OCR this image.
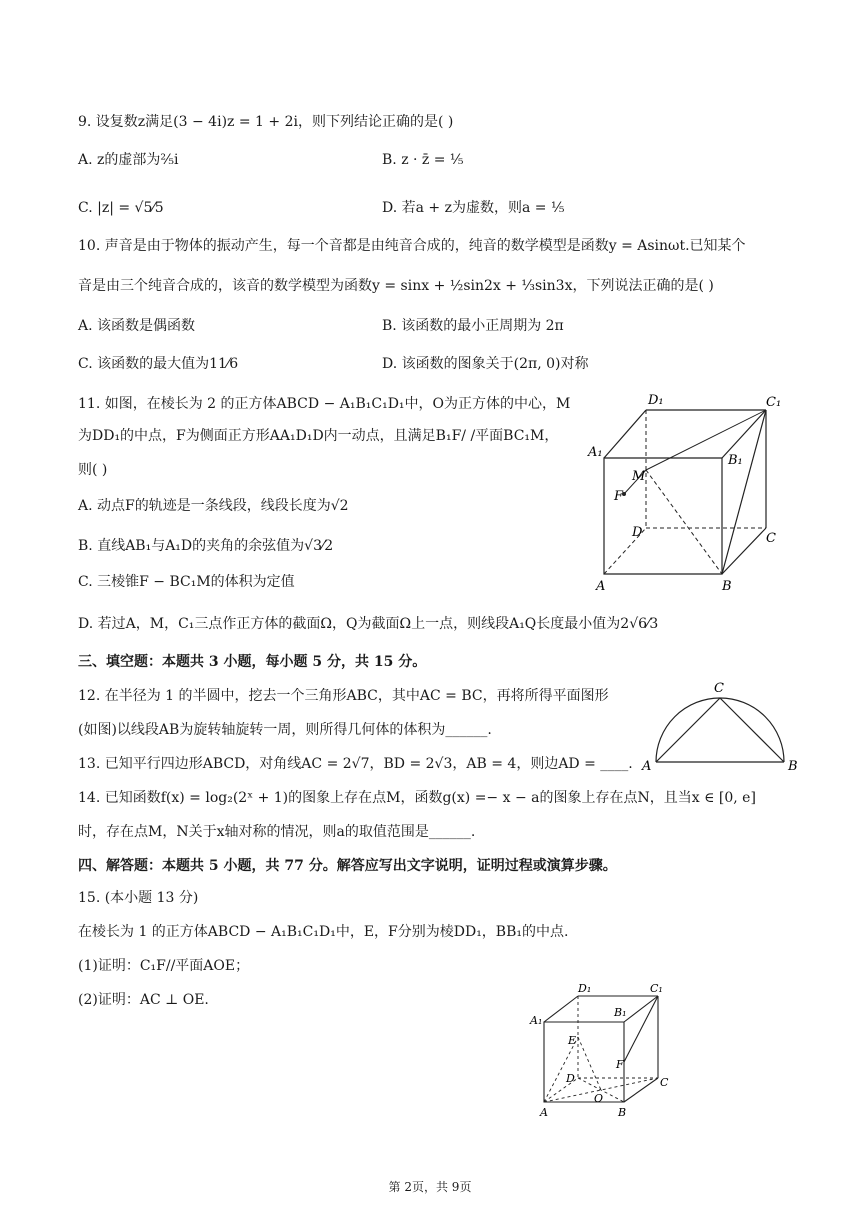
9. 设复数z满足(3 − 4i)z = 1 + 2i，则下列结论正确的是( )
A. z的虚部为²⁄₅i	B. z · z̄ = ¹⁄₅
C. |z| = √5⁄5	D. 若a + z为虚数，则a = ¹⁄₅
10. 声音是由于物体的振动产生，每一个音都是由纯音合成的，纯音的数学模型是函数y = Asinωt.已知某个
音是由三个纯音合成的，该音的数学模型为函数y = sinx + ½sin2x + ⅓sin3x，下列说法正确的是( )
A. 该函数是偶函数	B. 该函数的最小正周期为 2π
C. 该函数的最大值为11⁄6	D. 该函数的图象关于(2π, 0)对称
11. 如图，在棱长为 2 的正方体ABCD − A₁B₁C₁D₁中，O为正方体的中心，M
为DD₁的中点，F为侧面正方形AA₁D₁D内一动点，且满足B₁F/ /平面BC₁M，
则( )
A. 动点F的轨迹是一条线段，线段长度为√2
B. 直线AB₁与A₁D的夹角的余弦值为√3⁄2
C. 三棱锥F − BC₁M的体积为定值
D. 若过A，M，C₁三点作正方体的截面Ω，Q为截面Ω上一点，则线段A₁Q长度最小值为2√6⁄3
D₁	C₁
A₁
B₁
M
F
D	C
A	B
三、填空题：本题共 3 小题，每小题 5 分，共 15 分。
12. 在半径为 1 的半圆中，挖去一个三角形ABC，其中AC = BC，再将所得平面图形
(如图)以线段AB为旋转轴旋转一周，则所得几何体的体积为______.
C
A	B
13. 已知平行四边形ABCD，对角线AC = 2√7，BD = 2√3，AB = 4，则边AD = ____.
14. 已知函数f(x) = log₂(2ˣ + 1)的图象上存在点M，函数g(x) =− x − a的图象上存在点N，且当x ∈ [0, e]
时，存在点M，N关于x轴对称的情况，则a的取值范围是______.
四、解答题：本题共 5 小题，共 77 分。解答应写出文字说明，证明过程或演算步骤。
15. (本小题 13 分)
在棱长为 1 的正方体ABCD − A₁B₁C₁D₁中，E，F分别为棱DD₁，BB₁的中点.
(1)证明：C₁F//平面AOE；
(2)证明：AC ⊥ OE.
D₁	C₁
A₁
B₁
E
F
D	C
O
A	B
第 2页，共 9页
